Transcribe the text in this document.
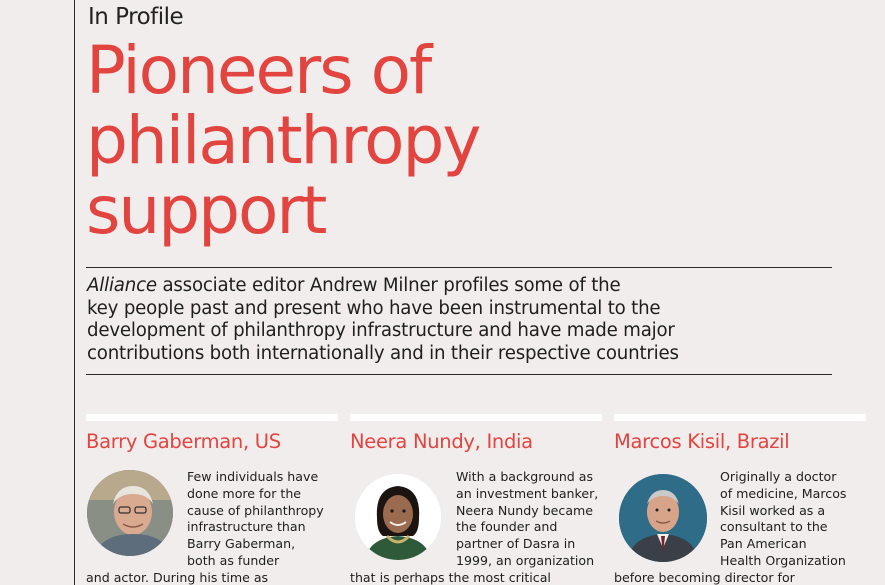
In Profile
Pioneers of
philanthropy
support

Alliance associate editor Andrew Milner profiles some of the
key people past and present who have been instrumental to the
development of philanthropy infrastructure and have made major
contributions both internationally and in their respective countries

Barry Gaberman, US
Few individuals have
done more for the
cause of philanthropy
infrastructure than
Barry Gaberman,
both as funder
and actor. During his time as
Neera Nundy, India
With a background as
an investment banker,
Neera Nundy became
the founder and
partner of Dasra in
1999, an organization
that is perhaps the most critical
Marcos Kisil, Brazil
Originally a doctor
of medicine, Marcos
Kisil worked as a
consultant to the
Pan American
Health Organization
before becoming director for
